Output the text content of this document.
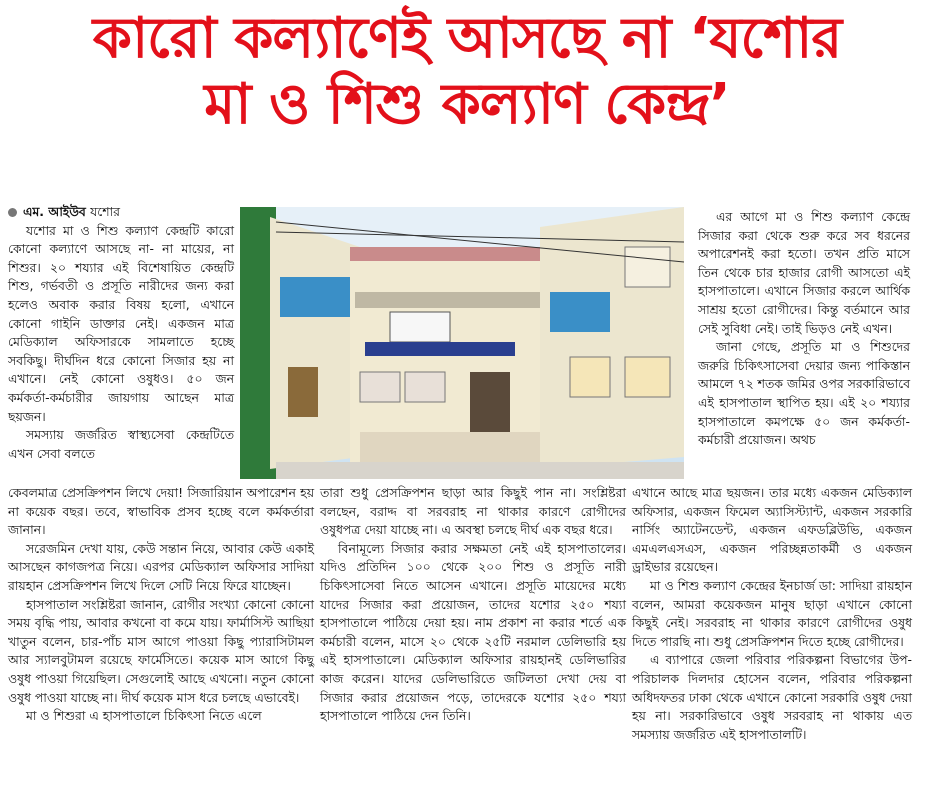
কারো কল্যাণেই আসছে না ‘যশোর
মা ও শিশু কল্যাণ কেন্দ্র’

এম. আইউব যশোর

যশোর মা ও শিশু কল্যাণ কেন্দ্রটি কারো কোনো কল্যাণে আসছে না- না মায়ের, না শিশুর। ২০ শয্যার এই বিশেষায়িত কেন্দ্রটি শিশু, গর্ভবতী ও প্রসূতি নারীদের জন্য করা হলেও অবাক করার বিষয় হলো, এখানে কোনো গাইনি ডাক্তার নেই। একজন মাত্র মেডিক্যাল অফিসারকে সামলাতে হচ্ছে সবকিছু। দীর্ঘদিন ধরে কোনো সিজার হয় না এখানে। নেই কোনো ওষুধও। ৫০ জন কর্মকর্তা-কর্মচারীর জায়গায় আছেন মাত্র ছয়জন।

সমস্যায় জর্জরিত স্বাস্থ্যসেবা কেন্দ্রটিতে এখন সেবা বলতে

এর আগে মা ও শিশু কল্যাণ কেন্দ্রে সিজার করা থেকে শুরু করে সব ধরনের অপারেশনই করা হতো। তখন প্রতি মাসে তিন থেকে চার হাজার রোগী আসতো এই হাসপাতালে। এখানে সিজার করলে আর্থিক সাশ্রয় হতো রোগীদের। কিন্তু বর্তমানে আর সেই সুবিধা নেই। তাই ভিড়ও নেই এখন।

জানা গেছে, প্রসূতি মা ও শিশুদের জরুরি চিকিৎসাসেবা দেয়ার জন্য পাকিস্তান আমলে ৭২ শতক জমির ওপর সরকারিভাবে এই হাসপাতাল স্থাপিত হয়। এই ২০ শয্যার হাসপাতালে কমপক্ষে ৫০ জন কর্মকর্তা-কর্মচারী প্রয়োজন। অথচ

কেবলমাত্র প্রেসক্রিপশন লিখে দেয়া! সিজারিয়ান অপারেশন হয় না কয়েক বছর। তবে, স্বাভাবিক প্রসব হচ্ছে বলে কর্মকর্তারা জানান।

সরেজমিন দেখা যায়, কেউ সন্তান নিয়ে, আবার কেউ একাই আসছেন কাগজপত্র নিয়ে। এরপর মেডিক্যাল অফিসার সাদিয়া রায়হান প্রেসক্রিপশন লিখে দিলে সেটি নিয়ে ফিরে যাচ্ছেন।

হাসপাতাল সংশ্লিষ্টরা জানান, রোগীর সংখ্যা কোনো কোনো সময় বৃদ্ধি পায়, আবার কখনো বা কমে যায়। ফার্মাসিস্ট আছিয়া খাতুন বলেন, চার-পাঁচ মাস আগে পাওয়া কিছু প্যারাসিটামল আর স্যালবুটামল রয়েছে ফার্মেসিতে। কয়েক মাস আগে কিছু ওষুধ পাওয়া গিয়েছিল। সেগুলোই আছে এখনো। নতুন কোনো ওষুধ পাওয়া যাচ্ছে না। দীর্ঘ কয়েক মাস ধরে চলছে এভাবেই।

মা ও শিশুরা এ হাসপাতালে চিকিৎসা নিতে এলে

তারা শুধু প্রেসক্রিপশন ছাড়া আর কিছুই পান না। সংশ্লিষ্টরা বলছেন, বরাদ্দ বা সরবরাহ না থাকার কারণে রোগীদের ওষুধপত্র দেয়া যাচ্ছে না। এ অবস্থা চলছে দীর্ঘ এক বছর ধরে।

বিনামূল্যে সিজার করার সক্ষমতা নেই এই হাসপাতালের। যদিও প্রতিদিন ১০০ থেকে ২০০ শিশু ও প্রসূতি নারী চিকিৎসাসেবা নিতে আসেন এখানে। প্রসূতি মায়েদের মধ্যে যাদের সিজার করা প্রয়োজন, তাদের যশোর ২৫০ শয্যা হাসপাতালে পাঠিয়ে দেয়া হয়। নাম প্রকাশ না করার শর্তে এক কর্মচারী বলেন, মাসে ২০ থেকে ২৫টি নরমাল ডেলিভারি হয় এই হাসপাতালে। মেডিক্যাল অফিসার রায়হানই ডেলিভারির কাজ করেন। যাদের ডেলিভারিতে জটিলতা দেখা দেয় বা সিজার করার প্রয়োজন পড়ে, তাদেরকে যশোর ২৫০ শয্যা হাসপাতালে পাঠিয়ে দেন তিনি।

এখানে আছে মাত্র ছয়জন। তার মধ্যে একজন মেডিক্যাল অফিসার, একজন ফিমেল অ্যাসিস্ট্যান্ট, একজন সরকারি নার্সিং অ্যাটেনডেন্ট, একজন এফডব্লিউভি, একজন এমএলএসএস, একজন পরিচ্ছন্নতাকর্মী ও একজন ড্রাইভার রয়েছেন।

মা ও শিশু কল্যাণ কেন্দ্রের ইনচার্জ ডা: সাদিয়া রায়হান বলেন, আমরা কয়েকজন মানুষ ছাড়া এখানে কোনো কিছুই নেই। সরবরাহ না থাকার কারণে রোগীদের ওষুধ দিতে পারছি না। শুধু প্রেসক্রিপশন দিতে হচ্ছে রোগীদের।

এ ব্যাপারে জেলা পরিবার পরিকল্পনা বিভাগের উপ-পরিচালক দিলদার হোসেন বলেন, পরিবার পরিকল্পনা অধিদফতর ঢাকা থেকে এখানে কোনো সরকারি ওষুধ দেয়া হয় না। সরকারিভাবে ওষুধ সরবরাহ না থাকায় এত সমস্যায় জর্জরিত এই হাসপাতালটি।
